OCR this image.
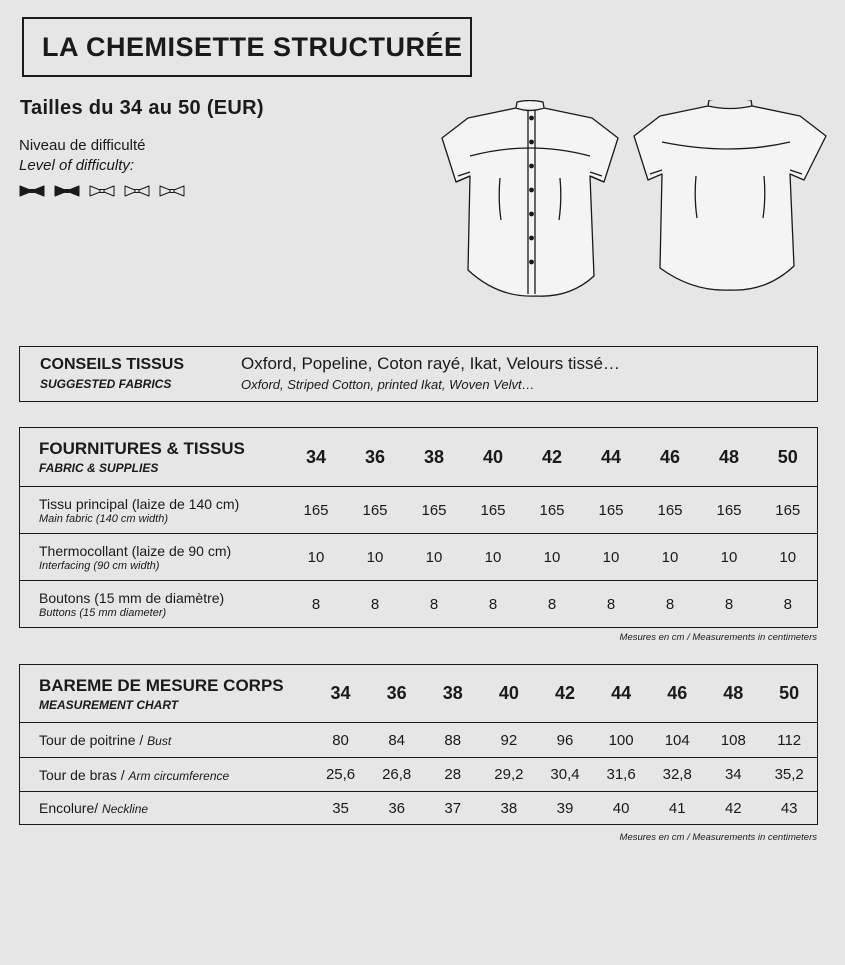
LA CHEMISETTE STRUCTURÉE
Tailles du 34 au 50 (EUR)
Niveau de difficulté
Level of difficulty:
CONSEILS TISSUS
SUGGESTED FABRICS
Oxford, Popeline, Coton rayé, Ikat, Velours tissé…
Oxford, Striped Cotton, printed Ikat, Woven Velvt…
FOURNITURES & TISSUS
FABRIC & SUPPLIES	34	36	38	40	42	44	46	48	50

Tissu principal (laize de 140 cm)
Main fabric (140 cm width)	165	165	165	165	165	165	165	165	165

Thermocollant (laize de 90 cm)
Interfacing (90 cm width)	10	10	10	10	10	10	10	10	10

Boutons (15 mm de diamètre)
Buttons (15 mm diameter)	8	8	8	8	8	8	8	8	8
Mesures en cm / Measurements in centimeters
BAREME DE MESURE CORPS
MEASUREMENT CHART	34	36	38	40	42	44	46	48	50
Tour de poitrine / Bust	80	84	88	92	96	100	104	108	112
Tour de bras / Arm circumference	25,6	26,8	28	29,2	30,4	31,6	32,8	34	35,2
Encolure/ Neckline	35	36	37	38	39	40	41	42	43
Mesures en cm / Measurements in centimeters
